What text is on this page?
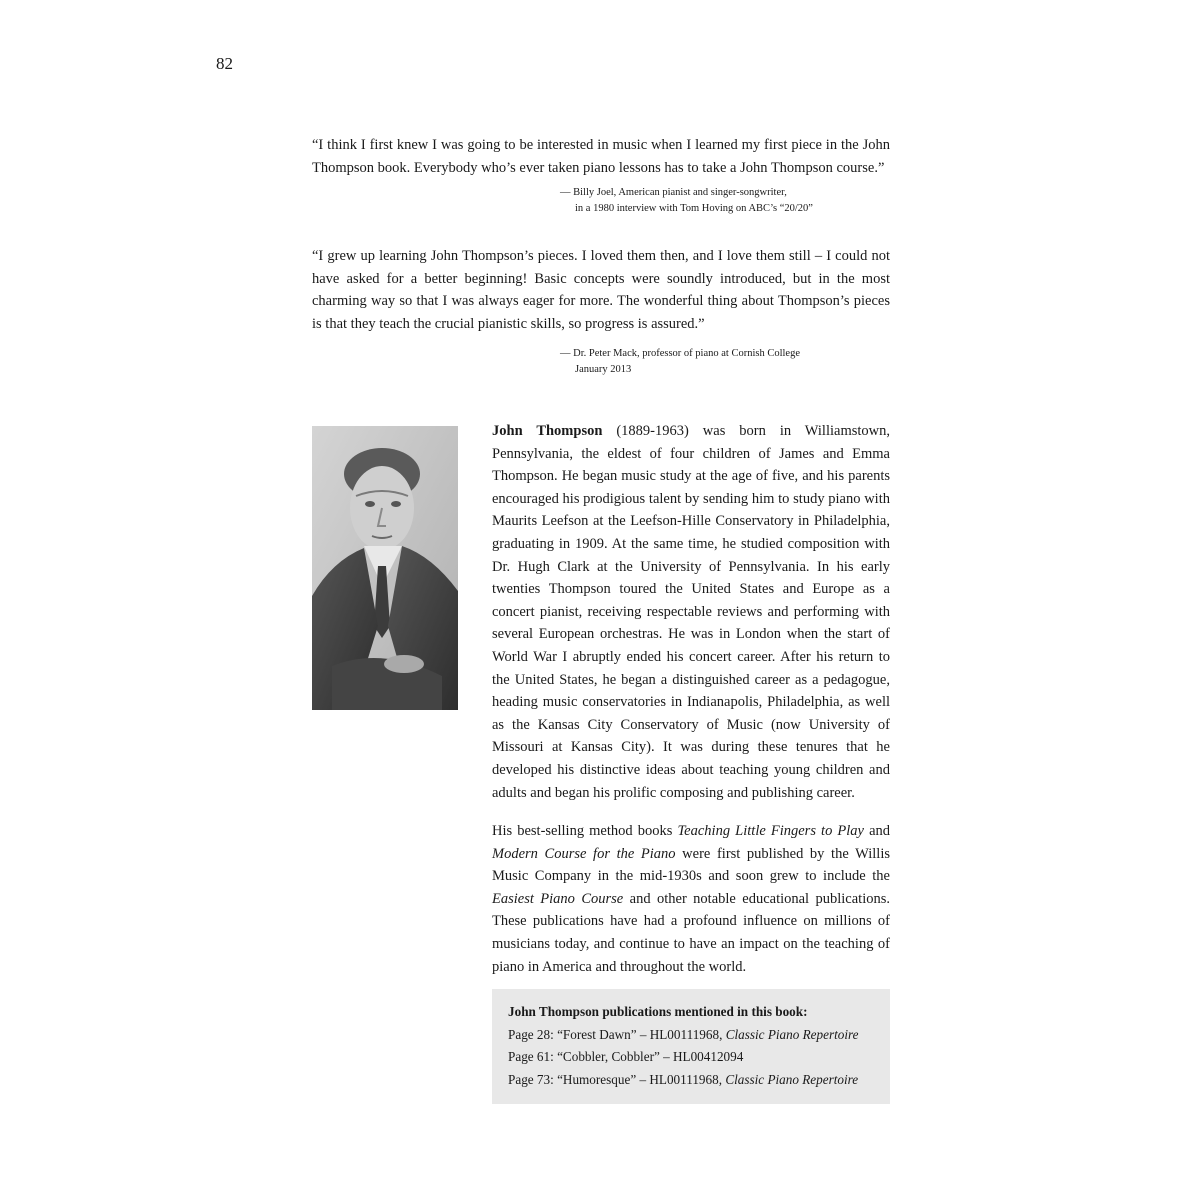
82
“I think I first knew I was going to be interested in music when I learned my first piece in the John Thompson book. Everybody who’s ever taken piano lessons has to take a John Thompson course.”
— Billy Joel, American pianist and singer-songwriter,
in a 1980 interview with Tom Hoving on ABC’s “20/20”
“I grew up learning John Thompson’s pieces. I loved them then, and I love them still – I could not have asked for a better beginning! Basic concepts were soundly introduced, but in the most charming way so that I was always eager for more. The wonderful thing about Thompson’s pieces is that they teach the crucial pianistic skills, so progress is assured.”
— Dr. Peter Mack, professor of piano at Cornish College
January 2013

John Thompson (1889-1963) was born in Williamstown, Pennsylvania, the eldest of four children of James and Emma Thompson. He began music study at the age of five, and his parents encouraged his prodigious talent by sending him to study piano with Maurits Leefson at the Leefson-Hille Conservatory in Philadelphia, graduating in 1909. At the same time, he studied composition with Dr. Hugh Clark at the University of Pennsylvania. In his early twenties Thompson toured the United States and Europe as a concert pianist, receiving respectable reviews and performing with several European orchestras. He was in London when the start of World War I abruptly ended his concert career. After his return to the United States, he began a distinguished career as a pedagogue, heading music conservatories in Indianapolis, Philadelphia, as well as the Kansas City Conservatory of Music (now University of Missouri at Kansas City). It was during these tenures that he developed his distinctive ideas about teaching young children and adults and began his prolific composing and publishing career.

His best-selling method books Teaching Little Fingers to Play and Modern Course for the Piano were first published by the Willis Music Company in the mid-1930s and soon grew to include the Easiest Piano Course and other notable educational publications. These publications have had a profound influence on millions of musicians today, and continue to have an impact on the teaching of piano in America and throughout the world.

John Thompson publications mentioned in this book:
Page 28: “Forest Dawn” – HL00111968, Classic Piano Repertoire
Page 61: “Cobbler, Cobbler” – HL00412094
Page 73: “Humoresque” – HL00111968, Classic Piano Repertoire
